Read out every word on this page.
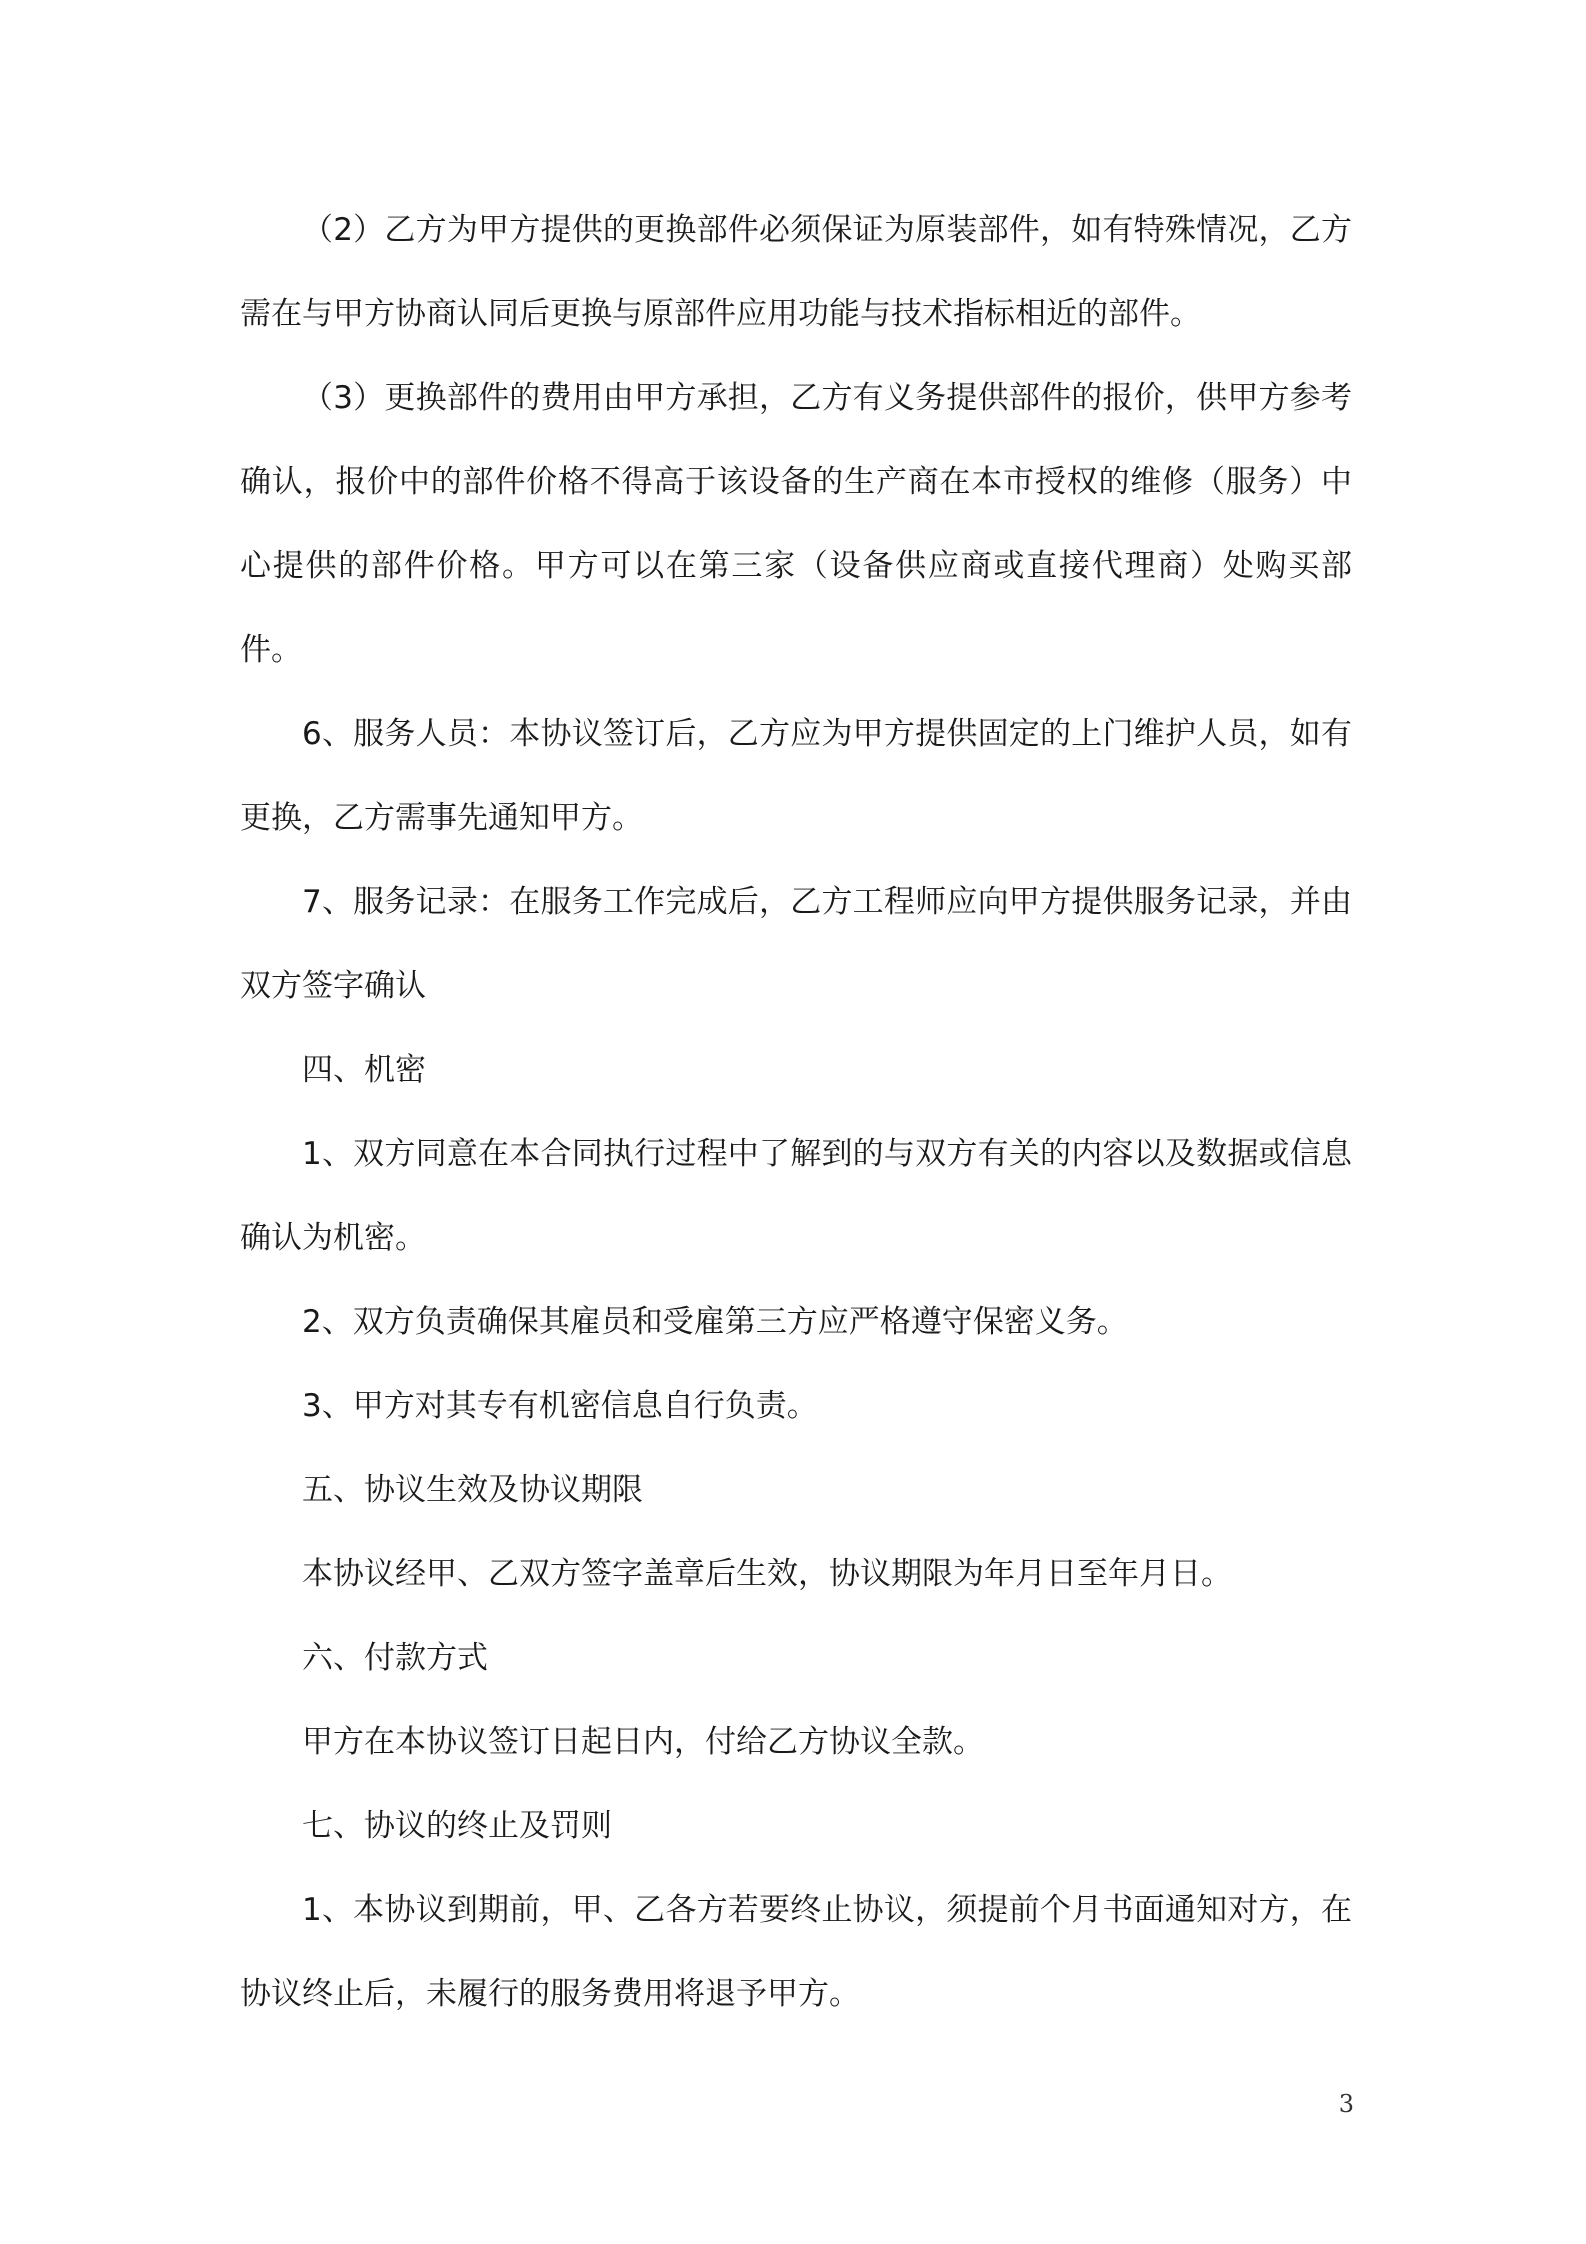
（2）乙方为甲方提供的更换部件必须保证为原装部件，如有特殊情况，乙方需在与甲方协商认同后更换与原部件应用功能与技术指标相近的部件。

（3）更换部件的费用由甲方承担，乙方有义务提供部件的报价，供甲方参考确认，报价中的部件价格不得高于该设备的生产商在本市授权的维修（服务）中心提供的部件价格。甲方可以在第三家（设备供应商或直接代理商）处购买部件。

6、服务人员：本协议签订后，乙方应为甲方提供固定的上门维护人员，如有更换，乙方需事先通知甲方。

7、服务记录：在服务工作完成后，乙方工程师应向甲方提供服务记录，并由双方签字确认

四、机密

1、双方同意在本合同执行过程中了解到的与双方有关的内容以及数据或信息确认为机密。

2、双方负责确保其雇员和受雇第三方应严格遵守保密义务。

3、甲方对其专有机密信息自行负责。

五、协议生效及协议期限

本协议经甲、乙双方签字盖章后生效，协议期限为年月日至年月日。

六、付款方式

甲方在本协议签订日起日内，付给乙方协议全款。

七、协议的终止及罚则

1、本协议到期前，甲、乙各方若要终止协议，须提前个月书面通知对方，在协议终止后，未履行的服务费用将退予甲方。

3
